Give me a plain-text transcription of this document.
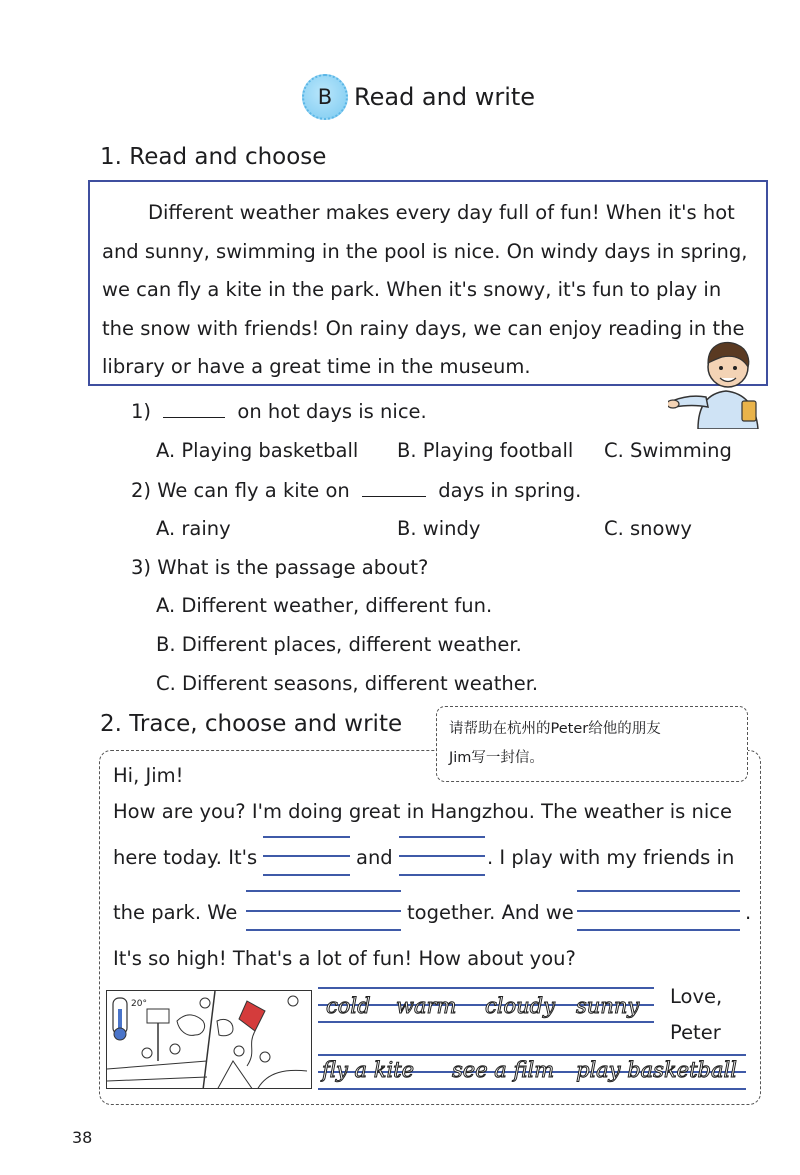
B Read and write
1. Read and choose
Different weather makes every day full of fun! When it's hot and sunny, swimming in the pool is nice. On windy days in spring, we can fly a kite in the park. When it's snowy, it's fun to play in the snow with friends! On rainy days, we can enjoy reading in the library or have a great time in the museum.
1)	on hot days is nice.
A. Playing basketball B. Playing football C. Swimming
2) We can fly a kite on	days in spring.
A. rainy	B. windy	C. snowy
3) What is the passage about?
A. Different weather, different fun.
B. Different places, different weather.
C. Different seasons, different weather.
2. Trace, choose and write	请帮助在杭州的Peter给他的朋友
Jim写一封信。
Hi, Jim!
How are you? I'm doing great in Hangzhou. The weather is nice
here today. It's	and	. I play with my friends in
the park. We	together. And we	.
It's so high! That's a lot of fun! How about you?
20°	cold warm cloudy sunny Love,
Peter
fly a kite see a film play basketball
38
